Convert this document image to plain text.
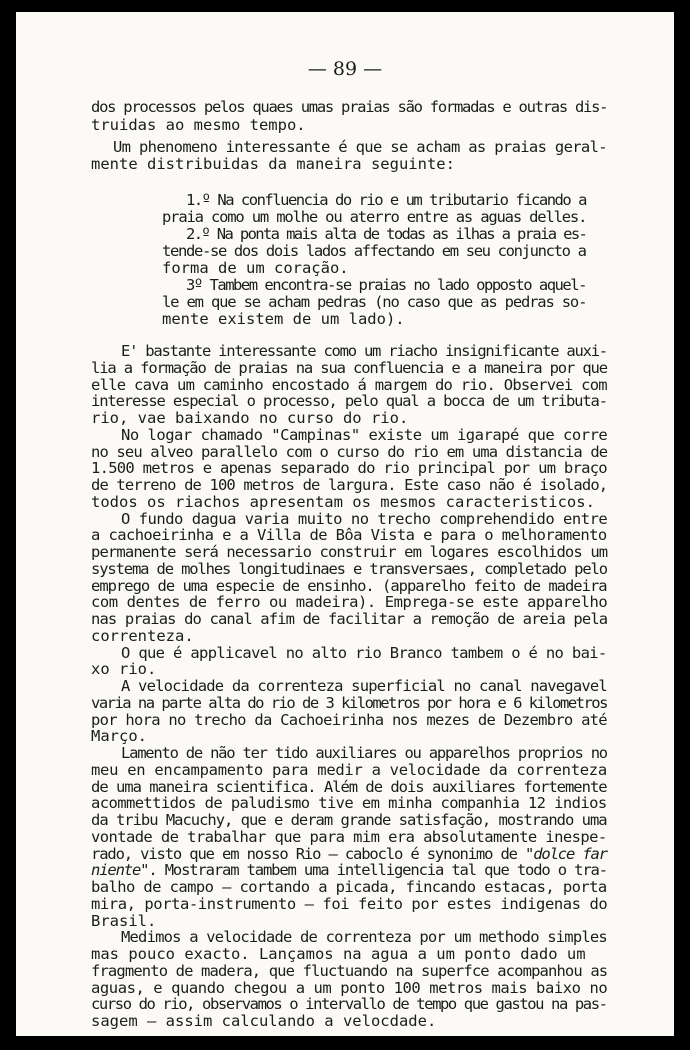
— 89 —
dos processos pelos quaes umas praias são formadas e outras dis-
truidas ao mesmo tempo.
Um phenomeno interessante é que se acham as praias geral-
mente distribuidas da maneira seguinte:
1.º Na confluencia do rio e um tributario ficando a
praia como um molhe ou aterro entre as aguas delles.
2.º Na ponta mais alta de todas as ilhas a praia es-
tende-se dos dois lados affectando em seu conjuncto a
forma de um coração.
3º Tambem encontra-se praias no lado opposto aquel-
le em que se acham pedras (no caso que as pedras so-
mente existem de um lado).
E' bastante interessante como um riacho insignificante auxi-
lia a formação de praias na sua confluencia e a maneira por que
elle cava um caminho encostado á margem do rio. Observei com
interesse especial o processo, pelo qual a bocca de um tributa-
rio, vae baixando no curso do rio.
No logar chamado "Campinas" existe um igarapé que corre
no seu alveo parallelo com o curso do rio em uma distancia de
1.500 metros e apenas separado do rio principal por um braço
de terreno de 100 metros de largura. Este caso não é isolado,
todos os riachos apresentam os mesmos caracteristicos.
O fundo dagua varia muito no trecho comprehendido entre
a cachoeirinha e a Villa de Bôa Vista e para o melhoramento
permanente será necessario construir em logares escolhidos um
systema de molhes longitudinaes e transversaes, completado pelo
emprego de uma especie de ensinho. (apparelho feito de madeira
com dentes de ferro ou madeira). Emprega-se este apparelho
nas praias do canal afim de facilitar a remoção de areia pela
correnteza.
O que é applicavel no alto rio Branco tambem o é no bai-
xo rio.
A velocidade da correnteza superficial no canal navegavel
varia na parte alta do rio de 3 kilometros por hora e 6 kilometros
por hora no trecho da Cachoeirinha nos mezes de Dezembro até
Março.
Lamento de não ter tido auxiliares ou apparelhos proprios no
meu en encampamento para medir a velocidade da correnteza
de uma maneira scientifica. Além de dois auxiliares fortemente
acommettidos de paludismo tive em minha companhia 12 indios
da tribu Macuchy, que e deram grande satisfação, mostrando uma
vontade de trabalhar que para mim era absolutamente inespe-
rado, visto que em nosso Rio — caboclo é synonimo de "dolce far
niente". Mostraram tambem uma intelligencia tal que todo o tra-
balho de campo — cortando a picada, fincando estacas, porta
mira, porta-instrumento — foi feito por estes indigenas do
Brasil.
Medimos a velocidade de correnteza por um methodo simples
mas pouco exacto. Lançamos na agua a um ponto dado um
fragmento de madera, que fluctuando na superfce acompanhou as
aguas, e quando chegou a um ponto 100 metros mais baixo no
curso do rio, observamos o intervallo de tempo que gastou na pas-
sagem — assim calculando a velocdade.
